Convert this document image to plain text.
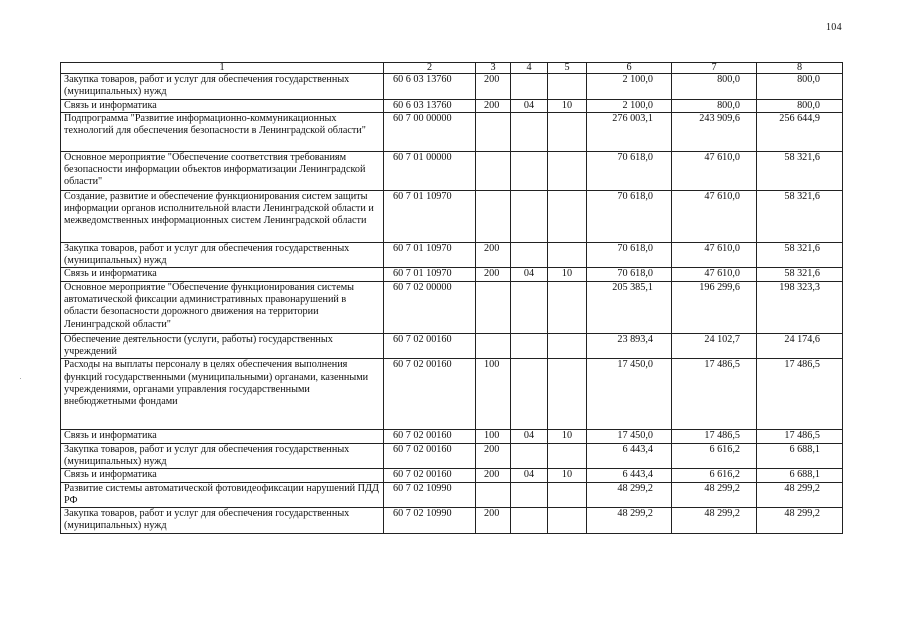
104
1	2	3	4	5	6	7	8
Закупка товаров, работ и услуг для обеспечения государственных (муниципальных) нужд	60 6 03 13760	200			2 100,0	800,0	800,0
Связь и информатика	60 6 03 13760	200	04	10	2 100,0	800,0	800,0
Подпрограмма "Развитие информационно-коммуникационных технологий для обеспечения безопасности в Ленинградской области"	60 7 00 00000				276 003,1	243 909,6	256 644,9
Основное мероприятие "Обеспечение соответствия требованиям безопасности информации объектов информатизации Ленинградской области"	60 7 01 00000				70 618,0	47 610,0	58 321,6
Создание, развитие и обеспечение функционирования систем защиты информации органов исполнительной власти Ленинградской области и межведомственных информационных систем Ленинградской области	60 7 01 10970				70 618,0	47 610,0	58 321,6
Закупка товаров, работ и услуг для обеспечения государственных (муниципальных) нужд	60 7 01 10970	200			70 618,0	47 610,0	58 321,6
Связь и информатика	60 7 01 10970	200	04	10	70 618,0	47 610,0	58 321,6
Основное мероприятие "Обеспечение функционирования системы автоматической фиксации административных правонарушений в области безопасности дорожного движения на территории Ленинградской области"	60 7 02 00000				205 385,1	196 299,6	198 323,3
Обеспечение деятельности (услуги, работы) государственных учреждений	60 7 02 00160				23 893,4	24 102,7	24 174,6
Расходы на выплаты персоналу в целях обеспечения выполнения функций государственными (муниципальными) органами, казенными учреждениями, органами управления государственными внебюджетными фондами	60 7 02 00160	100			17 450,0	17 486,5	17 486,5
Связь и информатика	60 7 02 00160	100	04	10	17 450,0	17 486,5	17 486,5
Закупка товаров, работ и услуг для обеспечения государственных (муниципальных) нужд	60 7 02 00160	200			6 443,4	6 616,2	6 688,1
Связь и информатика	60 7 02 00160	200	04	10	6 443,4	6 616,2	6 688,1
Развитие системы автоматической фотовидеофиксации нарушений ПДД РФ	60 7 02 10990				48 299,2	48 299,2	48 299,2
Закупка товаров, работ и услуг для обеспечения государственных (муниципальных) нужд	60 7 02 10990	200			48 299,2	48 299,2	48 299,2
